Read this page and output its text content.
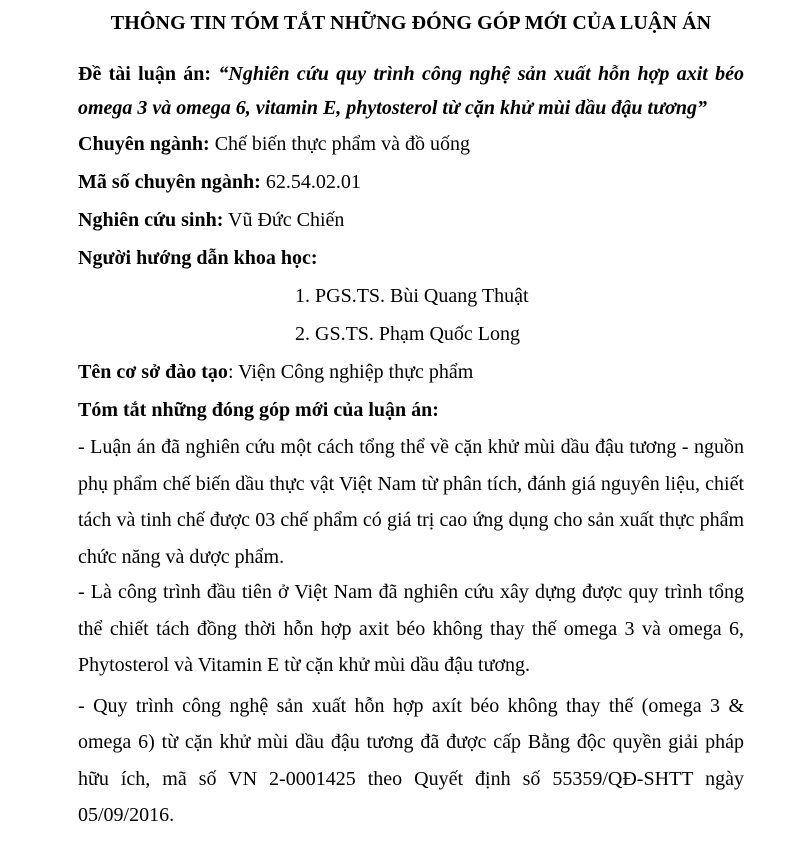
THÔNG TIN TÓM TẮT NHỮNG ĐÓNG GÓP MỚI CỦA LUẬN ÁN
Đề tài luận án: “Nghiên cứu quy trình công nghệ sản xuất hỗn hợp axit béo omega 3 và omega 6, vitamin E, phytosterol từ cặn khử mùi dầu đậu tương”
Chuyên ngành: Chế biến thực phẩm và đồ uống
Mã số chuyên ngành: 62.54.02.01
Nghiên cứu sinh: Vũ Đức Chiến
Người hướng dẫn khoa học:
1. PGS.TS. Bùi Quang Thuật
2. GS.TS. Phạm Quốc Long
Tên cơ sở đào tạo: Viện Công nghiệp thực phẩm
Tóm tắt những đóng góp mới của luận án:
- Luận án đã nghiên cứu một cách tổng thể về cặn khử mùi dầu đậu tương - nguồn phụ phẩm chế biến dầu thực vật Việt Nam từ phân tích, đánh giá nguyên liệu, chiết tách và tinh chế được 03 chế phẩm có giá trị cao ứng dụng cho sản xuất thực phẩm chức năng và dược phẩm.
- Là công trình đầu tiên ở Việt Nam đã nghiên cứu xây dựng được quy trình tổng thể chiết tách đồng thời hỗn hợp axit béo không thay thế omega 3 và omega 6, Phytosterol và Vitamin E từ cặn khử mùi dầu đậu tương.
- Quy trình công nghệ sản xuất hỗn hợp axít béo không thay thế (omega 3 & omega 6) từ cặn khử mùi dầu đậu tương đã được cấp Bằng độc quyền giải pháp hữu ích, mã số VN 2-0001425 theo Quyết định số 55359/QĐ-SHTT ngày 05/09/2016.
